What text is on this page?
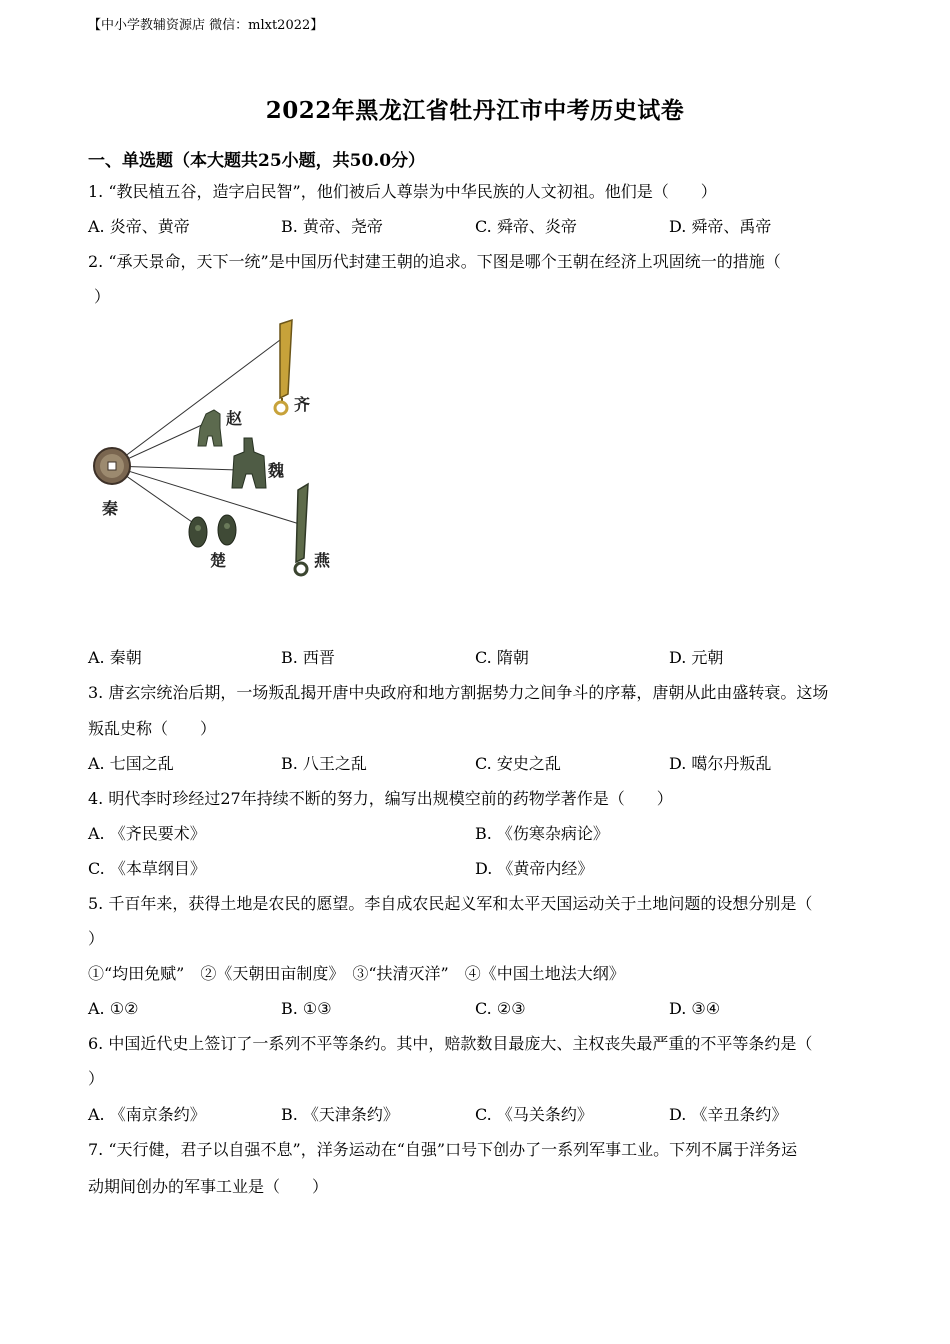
【中小学教辅资源店 微信：mlxt2022】
2022年黑龙江省牡丹江市中考历史试卷
一、单选题（本大题共25小题，共50.0分）
1. “教民植五谷，造字启民智”，他们被后人尊崇为中华民族的人文初祖。他们是（　　）
A. 炎帝、黄帝	B. 黄帝、尧帝	C. 舜帝、炎帝	D. 舜帝、禹帝
2. “承天景命，天下一统”是中国历代封建王朝的追求。下图是哪个王朝在经济上巩固统一的措施（
）
秦
赵
齐
魏
楚	燕
A. 秦朝	B. 西晋	C. 隋朝	D. 元朝
3. 唐玄宗统治后期，一场叛乱揭开唐中央政府和地方割据势力之间争斗的序幕，唐朝从此由盛转衰。这场
叛乱史称（　　）
A. 七国之乱	B. 八王之乱	C. 安史之乱	D. 噶尔丹叛乱
4. 明代李时珍经过27年持续不断的努力，编写出规模空前的药物学著作是（　　）
A. 《齐民要术》	B. 《伤寒杂病论》
C. 《本草纲目》	D. 《黄帝内经》
5. 千百年来，获得土地是农民的愿望。李自成农民起义军和太平天国运动关于土地问题的设想分别是（
）
①“均田免赋”　②《天朝田亩制度》　③“扶清灭洋”　④《中国土地法大纲》
A. ①②	B. ①③	C. ②③	D. ③④
6. 中国近代史上签订了一系列不平等条约。其中，赔款数目最庞大、主权丧失最严重的不平等条约是（
）
A. 《南京条约》	B. 《天津条约》	C. 《马关条约》	D. 《辛丑条约》
7. “天行健，君子以自强不息”，洋务运动在“自强”口号下创办了一系列军事工业。下列不属于洋务运
动期间创办的军事工业是（　　）
